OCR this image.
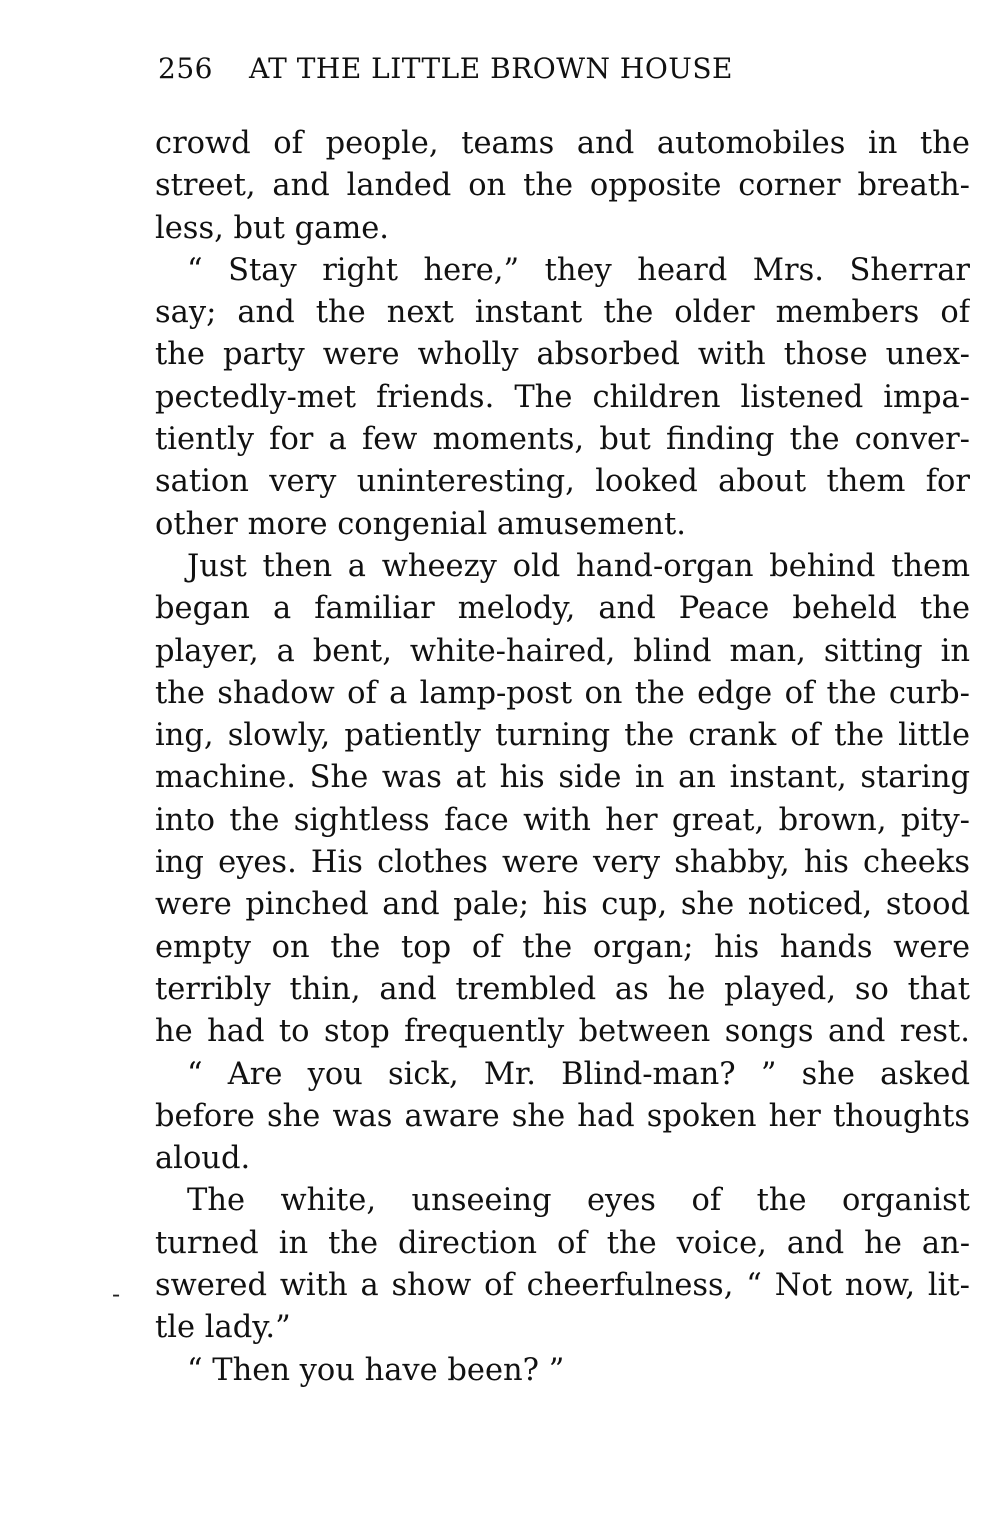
256 AT THE LITTLE BROWN HOUSE
-
crowd of people, teams and automobiles in the
street, and landed on the opposite corner breath-
less, but game.
“ Stay right here,” they heard Mrs. Sherrar
say; and the next instant the older members of
the party were wholly absorbed with those unex-
pectedly-met friends. The children listened impa-
tiently for a few moments, but finding the conver-
sation very uninteresting, looked about them for
other more congenial amusement.
Just then a wheezy old hand-organ behind them
began a familiar melody, and Peace beheld the
player, a bent, white-haired, blind man, sitting in
the shadow of a lamp-post on the edge of the curb-
ing, slowly, patiently turning the crank of the little
machine. She was at his side in an instant, staring
into the sightless face with her great, brown, pity-
ing eyes. His clothes were very shabby, his cheeks
were pinched and pale; his cup, she noticed, stood
empty on the top of the organ; his hands were
terribly thin, and trembled as he played, so that
he had to stop frequently between songs and rest.
“ Are you sick, Mr. Blind-man? ” she asked
before she was aware she had spoken her thoughts
aloud.
The white, unseeing eyes of the organist
turned in the direction of the voice, and he an-
swered with a show of cheerfulness, “ Not now, lit-
tle lady.”
“ Then you have been? ”
